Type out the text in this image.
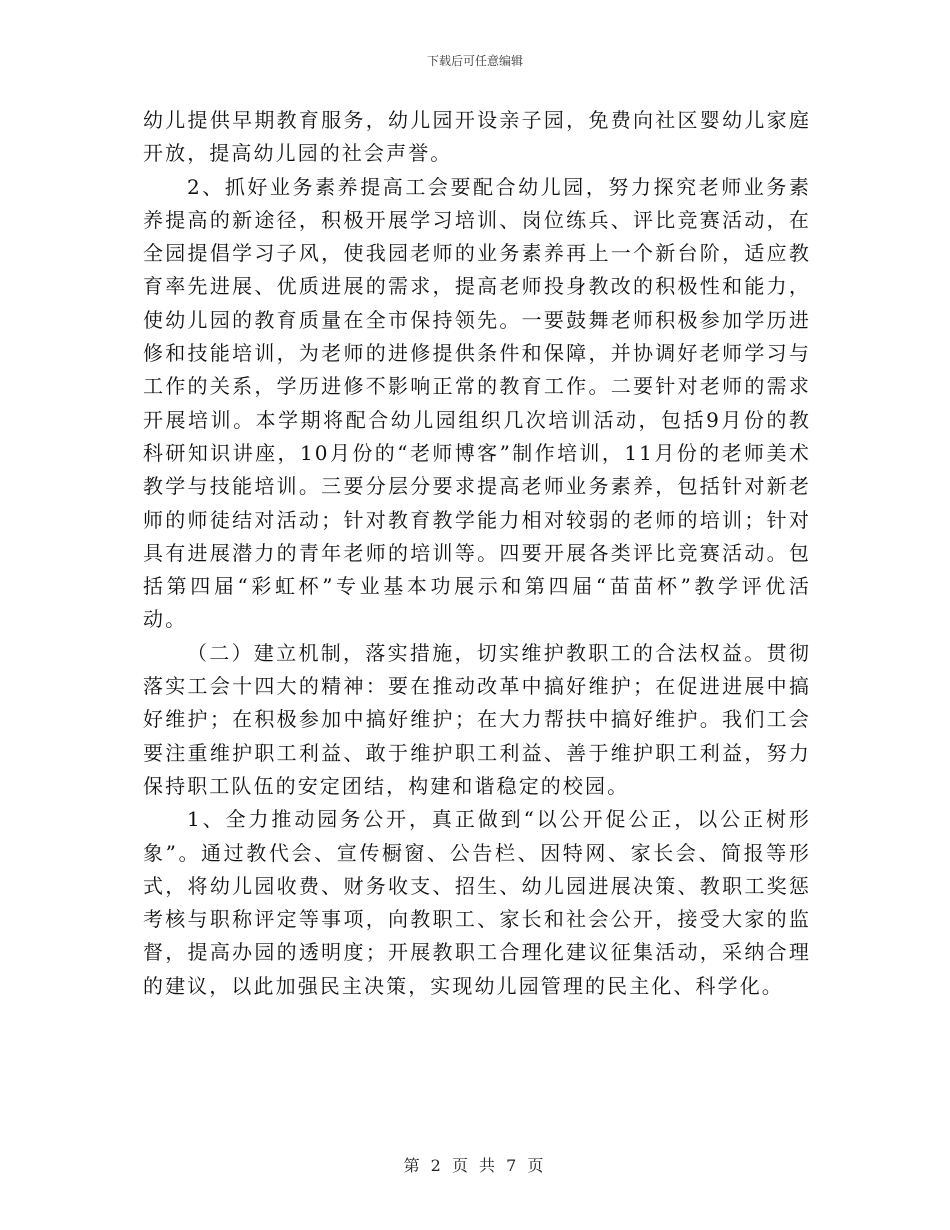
下载后可任意编辑

幼儿提供早期教育服务，幼儿园开设亲子园，免费向社区婴幼儿家庭开放，提高幼儿园的社会声誉。

2、抓好业务素养提高工会要配合幼儿园，努力探究老师业务素养提高的新途径，积极开展学习培训、岗位练兵、评比竞赛活动，在全园提倡学习子风，使我园老师的业务素养再上一个新台阶，适应教育率先进展、优质进展的需求，提高老师投身教改的积极性和能力，使幼儿园的教育质量在全市保持领先。一要鼓舞老师积极参加学历进修和技能培训，为老师的进修提供条件和保障，并协调好老师学习与工作的关系，学历进修不影响正常的教育工作。二要针对老师的需求开展培训。本学期将配合幼儿园组织几次培训活动，包括9月份的教科研知识讲座，10月份的“老师博客”制作培训，11月份的老师美术教学与技能培训。三要分层分要求提高老师业务素养，包括针对新老师的师徒结对活动；针对教育教学能力相对较弱的老师的培训；针对具有进展潜力的青年老师的培训等。四要开展各类评比竞赛活动。包括第四届“彩虹杯”专业基本功展示和第四届“苗苗杯”教学评优活动。

（二）建立机制，落实措施，切实维护教职工的合法权益。贯彻落实工会十四大的精神：要在推动改革中搞好维护；在促进进展中搞好维护；在积极参加中搞好维护；在大力帮扶中搞好维护。我们工会要注重维护职工利益、敢于维护职工利益、善于维护职工利益，努力保持职工队伍的安定团结，构建和谐稳定的校园。

1、全力推动园务公开，真正做到“以公开促公正，以公正树形象”。通过教代会、宣传橱窗、公告栏、因特网、家长会、简报等形式，将幼儿园收费、财务收支、招生、幼儿园进展决策、教职工奖惩考核与职称评定等事项，向教职工、家长和社会公开，接受大家的监督，提高办园的透明度；开展教职工合理化建议征集活动，采纳合理的建议，以此加强民主决策，实现幼儿园管理的民主化、科学化。

第 2 页 共 7 页
